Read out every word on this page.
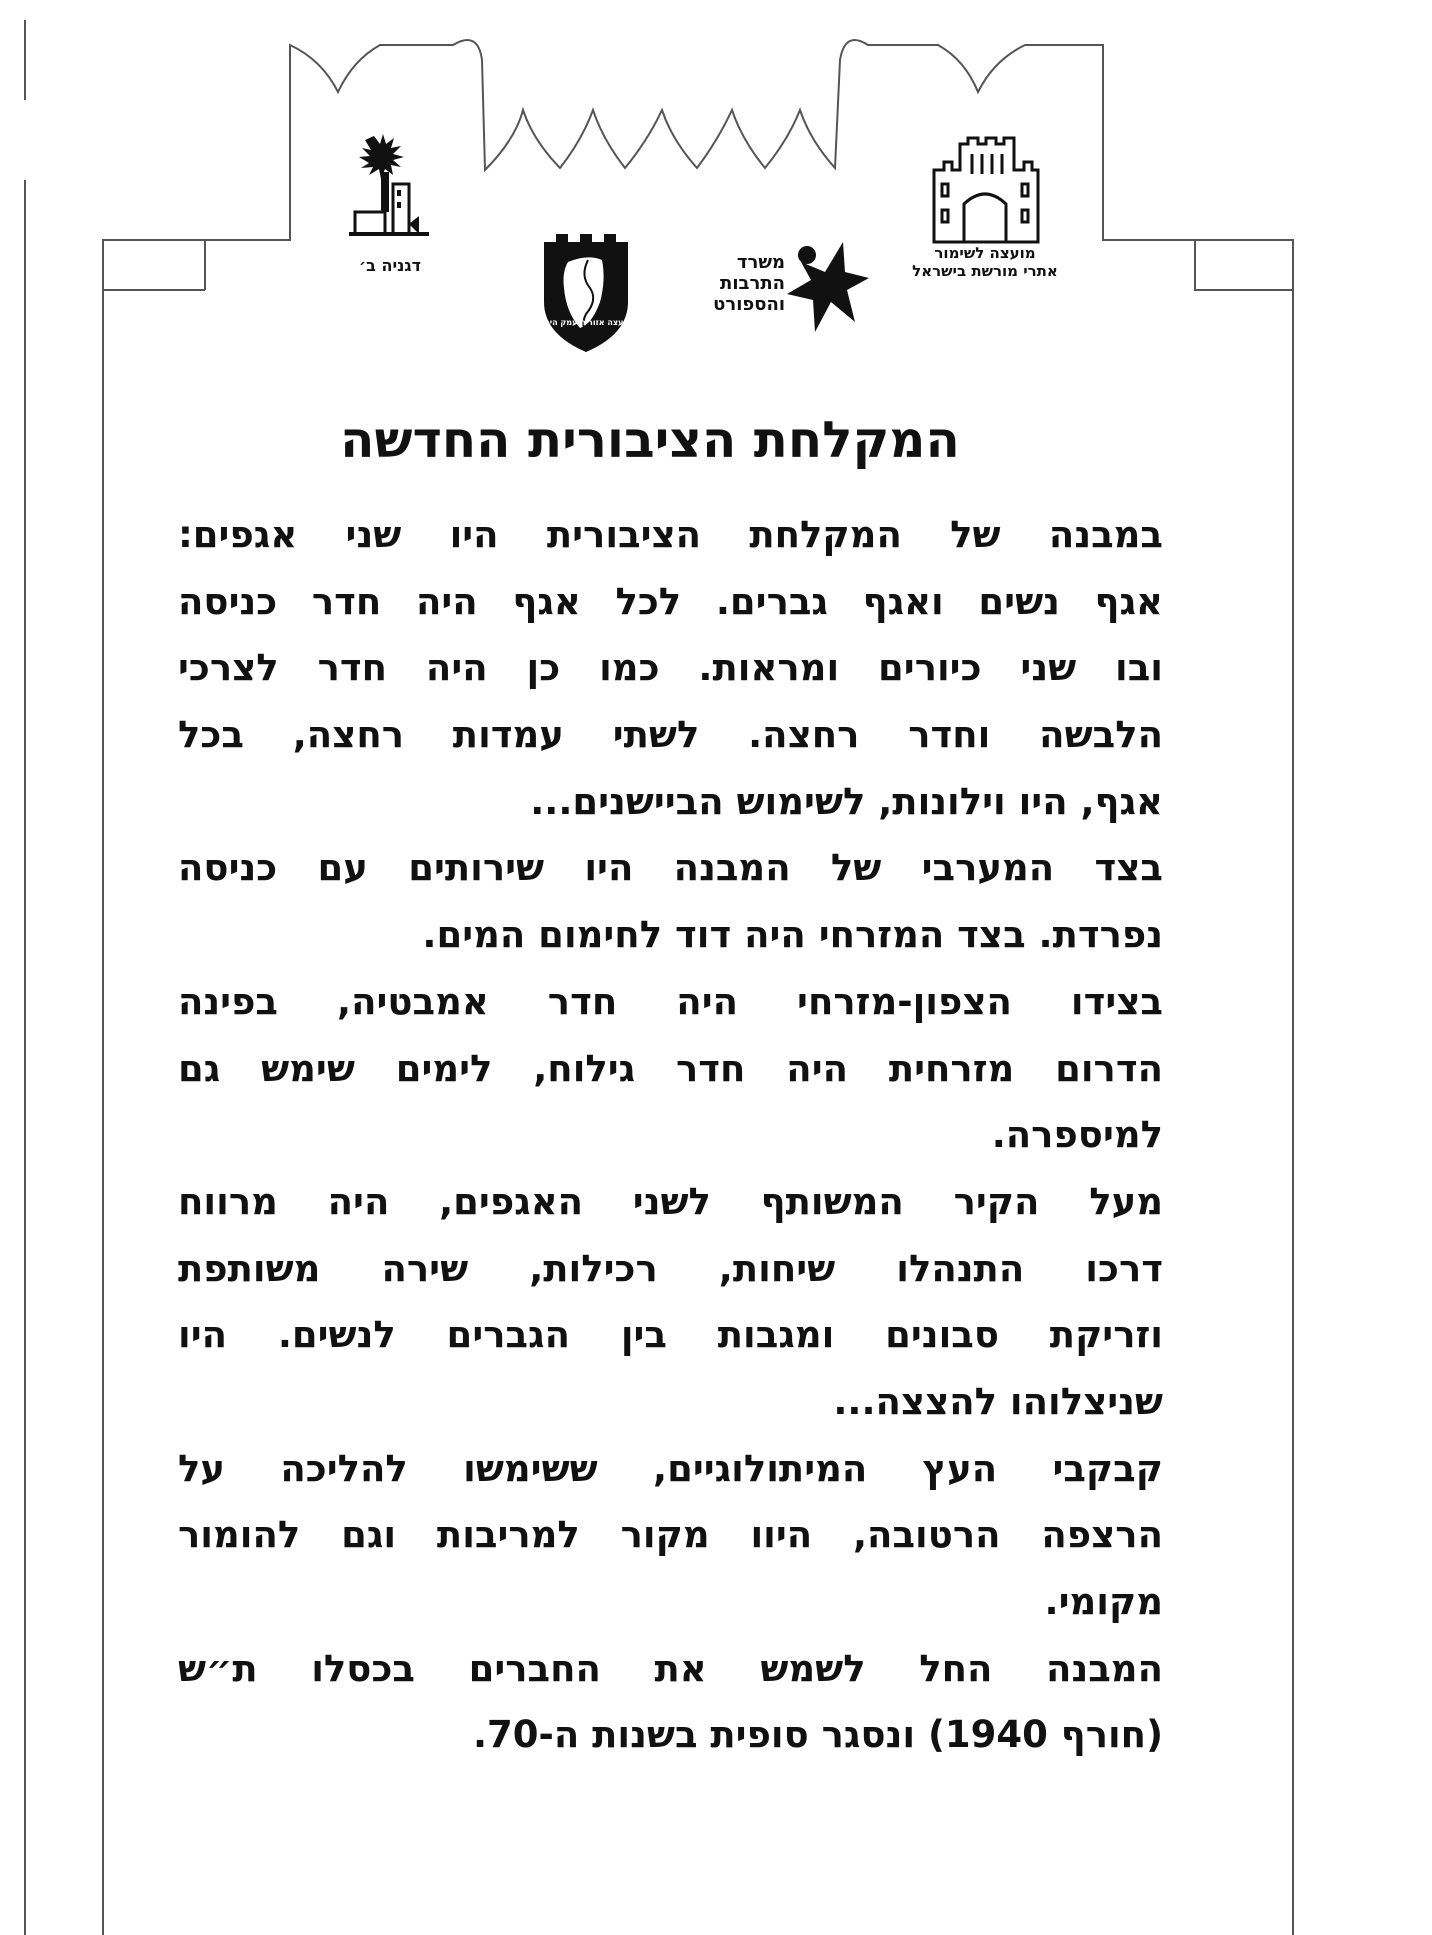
דגניה ב׳
מועצה אזורית עמק הירדן
משרד
התרבות
והספורט
מועצה לשימור
אתרי מורשת בישראל
המקלחת הציבורית החדשה
במבנה של המקלחת הציבורית היו שני אגפים:
אגף נשים ואגף גברים. לכל אגף היה חדר כניסה
ובו שני כיורים ומראות. כמו כן היה חדר לצרכי
הלבשה וחדר רחצה. לשתי עמדות רחצה, בכל
אגף, היו וילונות, לשימוש הביישנים...
בצד המערבי של המבנה היו שירותים עם כניסה
נפרדת. בצד המזרחי היה דוד לחימום המים.
בצידו הצפון-מזרחי היה חדר אמבטיה, בפינה
הדרום מזרחית היה חדר גילוח, לימים שימש גם
למיספרה.
מעל הקיר המשותף לשני האגפים, היה מרווח
דרכו התנהלו שיחות, רכילות, שירה משותפת
וזריקת סבונים ומגבות בין הגברים לנשים. היו
שניצלוהו להצצה...
קבקבי העץ המיתולוגיים, ששימשו להליכה על
הרצפה הרטובה, היוו מקור למריבות וגם להומור
מקומי.
המבנה החל לשמש את החברים בכסלו ת״ש
(חורף 1940) ונסגר סופית בשנות ה-70.
